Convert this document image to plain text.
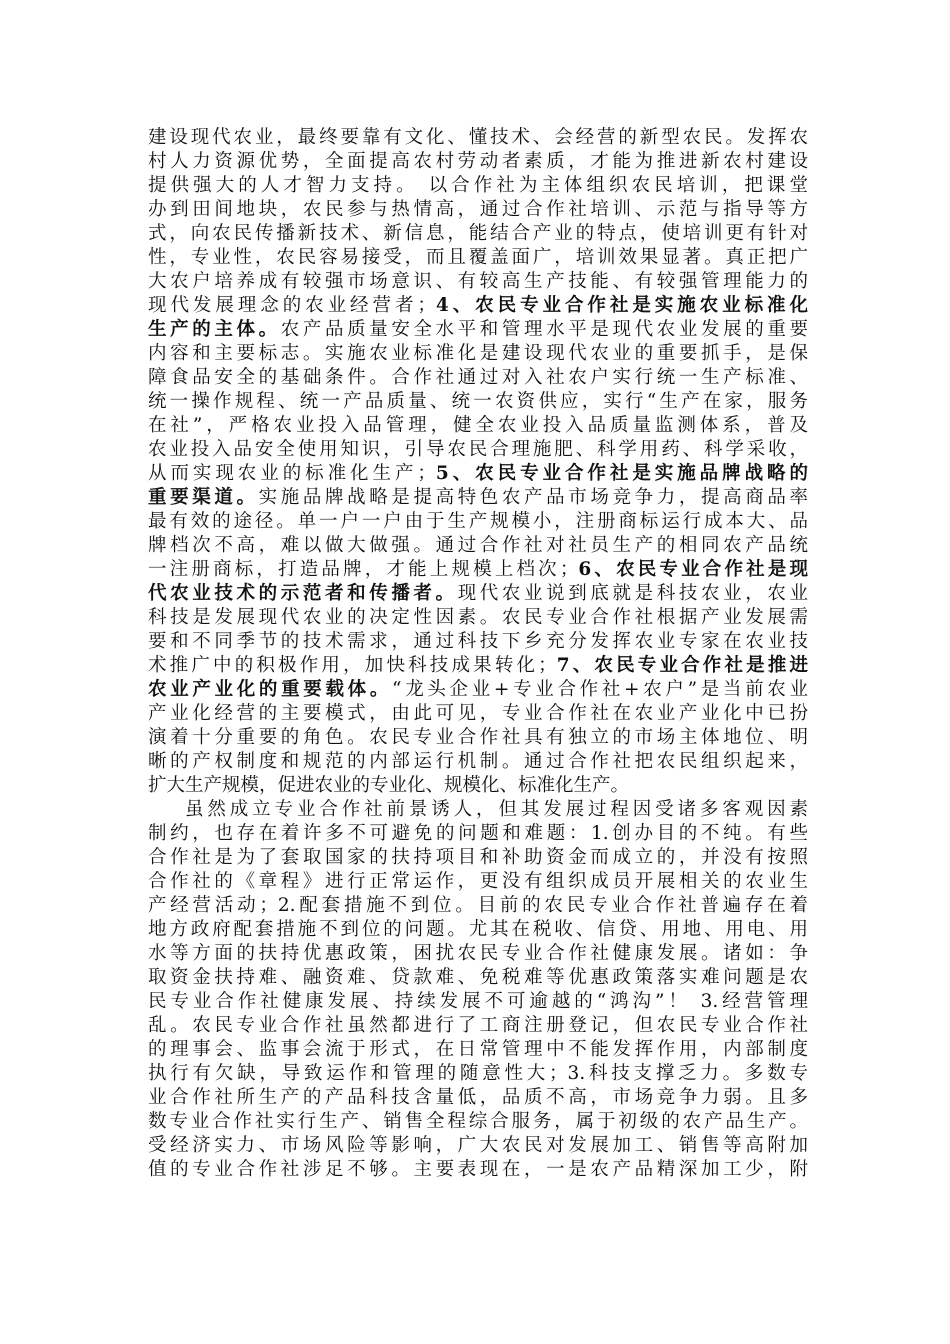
建设现代农业，最终要靠有文化、懂技术、会经营的新型农民。发挥农
村人力资源优势，全面提高农村劳动者素质，才能为推进新农村建设
提供强大的人才智力支持。 以合作社为主体组织农民培训，把课堂
办到田间地块，农民参与热情高，通过合作社培训、示范与指导等方
式，向农民传播新技术、新信息，能结合产业的特点，使培训更有针对
性，专业性，农民容易接受，而且覆盖面广，培训效果显著。真正把广
大农户培养成有较强市场意识、有较高生产技能、有较强管理能力的
现代发展理念的农业经营者；4、农民专业合作社是实施农业标准化
生产的主体。农产品质量安全水平和管理水平是现代农业发展的重要
内容和主要标志。实施农业标准化是建设现代农业的重要抓手，是保
障食品安全的基础条件。合作社通过对入社农户实行统一生产标准、
统一操作规程、统一产品质量、统一农资供应，实行“生产在家，服务
在社”，严格农业投入品管理，健全农业投入品质量监测体系，普及
农业投入品安全使用知识，引导农民合理施肥、科学用药、科学采收，
从而实现农业的标准化生产；5、农民专业合作社是实施品牌战略的
重要渠道。实施品牌战略是提高特色农产品市场竞争力，提高商品率
最有效的途径。单一户一户由于生产规模小，注册商标运行成本大、品
牌档次不高，难以做大做强。通过合作社对社员生产的相同农产品统
一注册商标，打造品牌，才能上规模上档次；6、农民专业合作社是现
代农业技术的示范者和传播者。现代农业说到底就是科技农业，农业
科技是发展现代农业的决定性因素。农民专业合作社根据产业发展需
要和不同季节的技术需求，通过科技下乡充分发挥农业专家在农业技
术推广中的积极作用，加快科技成果转化；7、农民专业合作社是推进
农业产业化的重要载体。“龙头企业+专业合作社+农户”是当前农业
产业化经营的主要模式，由此可见，专业合作社在农业产业化中已扮
演着十分重要的角色。农民专业合作社具有独立的市场主体地位、明
晰的产权制度和规范的内部运行机制。通过合作社把农民组织起来，
扩大生产规模，促进农业的专业化、规模化、标准化生产。
虽然成立专业合作社前景诱人，但其发展过程因受诸多客观因素
制约，也存在着许多不可避免的问题和难题：1.创办目的不纯。有些
合作社是为了套取国家的扶持项目和补助资金而成立的，并没有按照
合作社的《章程》进行正常运作，更没有组织成员开展相关的农业生
产经营活动；2.配套措施不到位。目前的农民专业合作社普遍存在着
地方政府配套措施不到位的问题。尤其在税收、信贷、用地、用电、用
水等方面的扶持优惠政策，困扰农民专业合作社健康发展。诸如：争
取资金扶持难、融资难、贷款难、免税难等优惠政策落实难问题是农
民专业合作社健康发展、持续发展不可逾越的“鸿沟”！ 3.经营管理
乱。农民专业合作社虽然都进行了工商注册登记，但农民专业合作社
的理事会、监事会流于形式，在日常管理中不能发挥作用，内部制度
执行有欠缺，导致运作和管理的随意性大；3.科技支撑乏力。多数专
业合作社所生产的产品科技含量低，品质不高，市场竞争力弱。且多
数专业合作社实行生产、销售全程综合服务，属于初级的农产品生产。
受经济实力、市场风险等影响，广大农民对发展加工、销售等高附加
值的专业合作社涉足不够。主要表现在，一是农产品精深加工少，附
